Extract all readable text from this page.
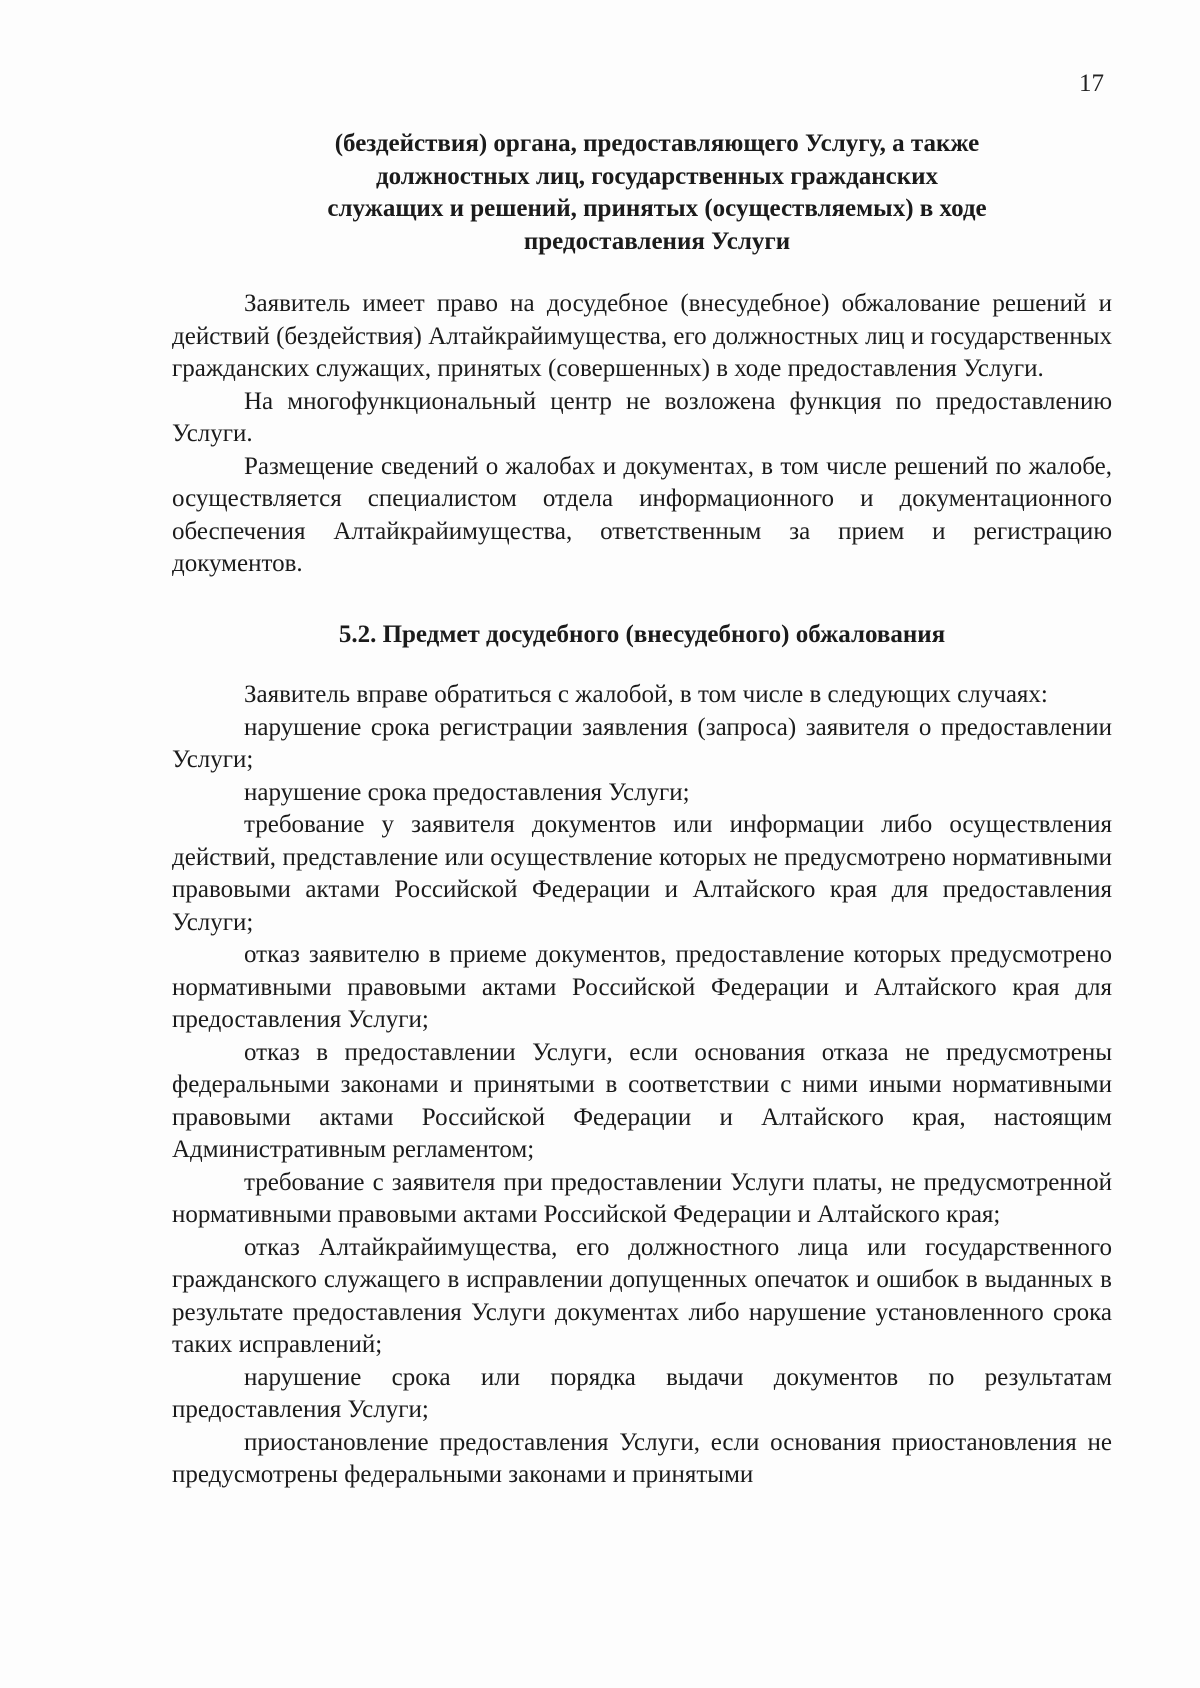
17
(бездействия) органа, предоставляющего Услугу, а также
должностных лиц, государственных гражданских
служащих и решений, принятых (осуществляемых) в ходе
предоставления Услуги

Заявитель имеет право на досудебное (внесудебное) обжалование решений и действий (бездействия) Алтайкрайимущества, его должностных лиц и государственных гражданских служащих, принятых (совершенных) в ходе предоставления Услуги.

На многофункциональный центр не возложена функция по предоставлению Услуги.

Размещение сведений о жалобах и документах, в том числе решений по жалобе, осуществляется специалистом отдела информационного и документационного обеспечения Алтайкрайимущества, ответственным за прием и регистрацию документов.

5.2. Предмет досудебного (внесудебного) обжалования

Заявитель вправе обратиться с жалобой, в том числе в следующих случаях:

нарушение срока регистрации заявления (запроса) заявителя о предоставлении Услуги;

нарушение срока предоставления Услуги;

требование у заявителя документов или информации либо осуществления действий, представление или осуществление которых не предусмотрено нормативными правовыми актами Российской Федерации и Алтайского края для предоставления Услуги;

отказ заявителю в приеме документов, предоставление которых предусмотрено нормативными правовыми актами Российской Федерации и Алтайского края для предоставления Услуги;

отказ в предоставлении Услуги, если основания отказа не предусмотрены федеральными законами и принятыми в соответствии с ними иными нормативными правовыми актами Российской Федерации и Алтайского края, настоящим Административным регламентом;

требование с заявителя при предоставлении Услуги платы, не предусмотренной нормативными правовыми актами Российской Федерации и Алтайского края;

отказ Алтайкрайимущества, его должностного лица или государственного гражданского служащего в исправлении допущенных опечаток и ошибок в выданных в результате предоставления Услуги документах либо нарушение установленного срока таких исправлений;

нарушение срока или порядка выдачи документов по результатам предоставления Услуги;

приостановление предоставления Услуги, если основания приостановления не предусмотрены федеральными законами и принятыми
